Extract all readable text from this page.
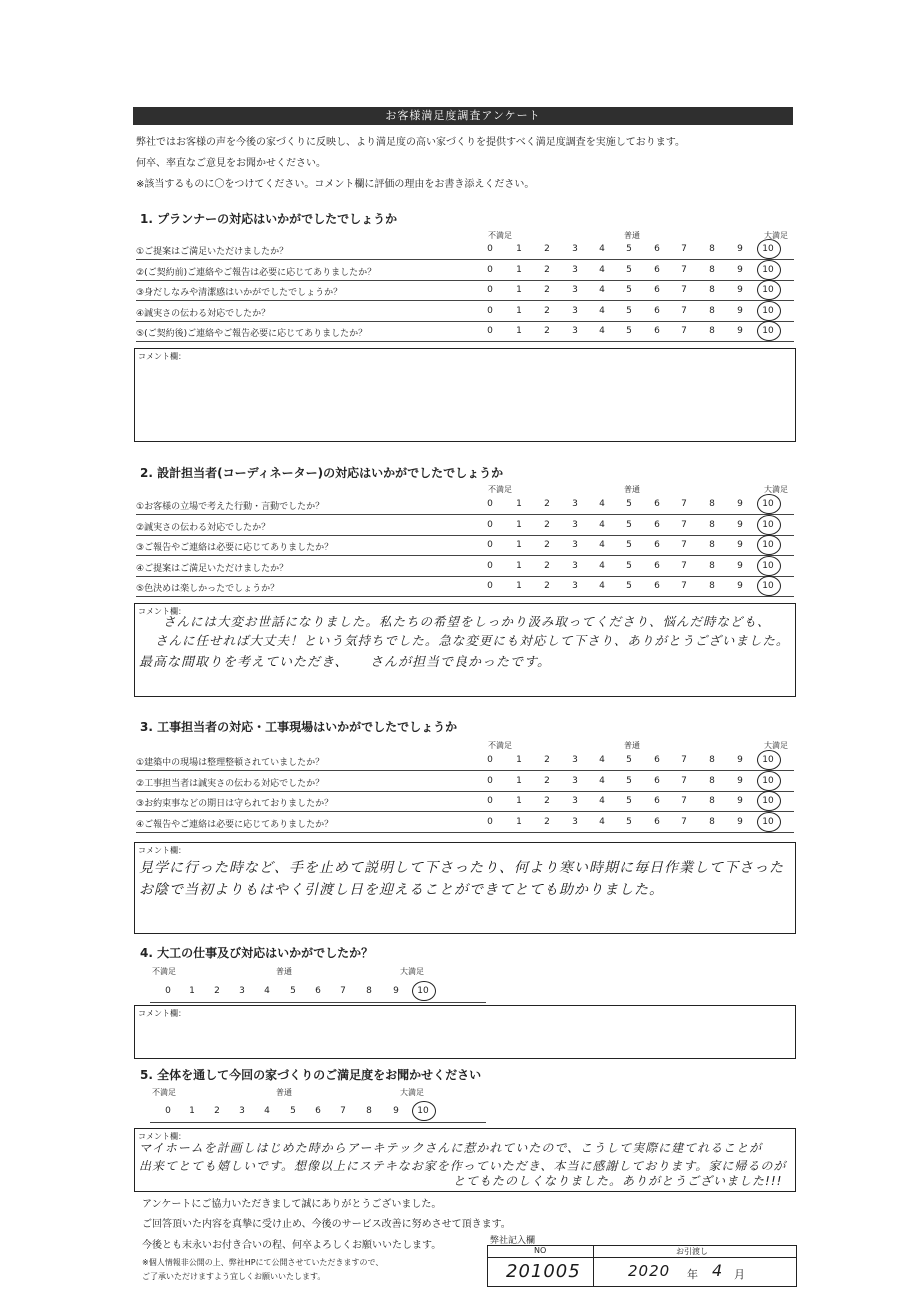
お客様満足度調査アンケート
弊社ではお客様の声を今後の家づくりに反映し、より満足度の高い家づくりを提供すべく満足度調査を実施しております。
何卒、率直なご意見をお聞かせください。
※該当するものに〇をつけてください。コメント欄に評価の理由をお書き添えください。
1. プランナーの対応はいかがでしたでしょうか
不満足	普通	大満足
①ご提案はご満足いただけましたか？	0	1	2	3	4	5	6	7	8	9	10
②(ご契約前)ご連絡やご報告は必要に応じてありましたか？	0	1	2	3	4	5	6	7	8	9	10
③身だしなみや清潔感はいかがでしたでしょうか？	0	1	2	3	4	5	6	7	8	9	10
④誠実さの伝わる対応でしたか？	0	1	2	3	4	5	6	7	8	9	10
⑤(ご契約後)ご連絡やご報告必要に応じてありましたか？	0	1	2	3	4	5	6	7	8	9	10
コメント欄：
2. 設計担当者(コーディネーター)の対応はいかがでしたでしょうか
不満足	普通	大満足
①お客様の立場で考えた行動・言動でしたか？	0	1	2	3	4	5	6	7	8	9	10
②誠実さの伝わる対応でしたか？	0	1	2	3	4	5	6	7	8	9	10
③ご報告やご連絡は必要に応じてありましたか？	0	1	2	3	4	5	6	7	8	9	10
④ご提案はご満足いただけましたか？	0	1	2	3	4	5	6	7	8	9	10
⑤色決めは楽しかったでしょうか？	0	1	2	3	4	5	6	7	8	9	10
コメント欄：
さんには大変お世話になりました。私たちの希望をしっかり汲み取ってくださり、悩んだ時なども、
さんに任せれば大丈夫！という気持ちでした。急な変更にも対応して下さり、ありがとうございました。
最高な間取りを考えていただき、　　さんが担当で良かったです。
3. 工事担当者の対応・工事現場はいかがでしたでしょうか
不満足	普通	大満足
①建築中の現場は整理整頓されていましたか？	0	1	2	3	4	5	6	7	8	9	10
②工事担当者は誠実さの伝わる対応でしたか？	0	1	2	3	4	5	6	7	8	9	10
③お約束事などの期日は守られておりましたか？	0	1	2	3	4	5	6	7	8	9	10
④ご報告やご連絡は必要に応じてありましたか？	0	1	2	3	4	5	6	7	8	9	10
コメント欄：
見学に行った時など、手を止めて説明して下さったり、何より寒い時期に毎日作業して下さった
お陰で当初よりもはやく引渡し日を迎えることができてとても助かりました。
4. 大工の仕事及び対応はいかがでしたか？
不満足	普通	大満足
0	1	2	3	4	5	6	7	8	9	10
コメント欄：
5. 全体を通して今回の家づくりのご満足度をお聞かせください
不満足	普通	大満足
0	1	2	3	4	5	6	7	8	9	10
コメント欄：
マイホームを計画しはじめた時からアーキテックさんに惹かれていたので、こうして実際に建てれることが
出来てとても嬉しいです。想像以上にステキなお家を作っていただき、本当に感謝しております。家に帰るのが
とてもたのしくなりました。ありがとうございました!!!
アンケートにご協力いただきまして誠にありがとうございました。
ご回答頂いた内容を真摯に受け止め、今後のサービス改善に努めさせて頂きます。
今後とも末永いお付き合いの程、何卒よろしくお願いいたします。
※個人情報非公開の上、弊社HPにて公開させていただきますので、
ご了承いただけますよう宜しくお願いいたします。
弊社記入欄
NO	お引渡し
201005	2020 年 4 月
